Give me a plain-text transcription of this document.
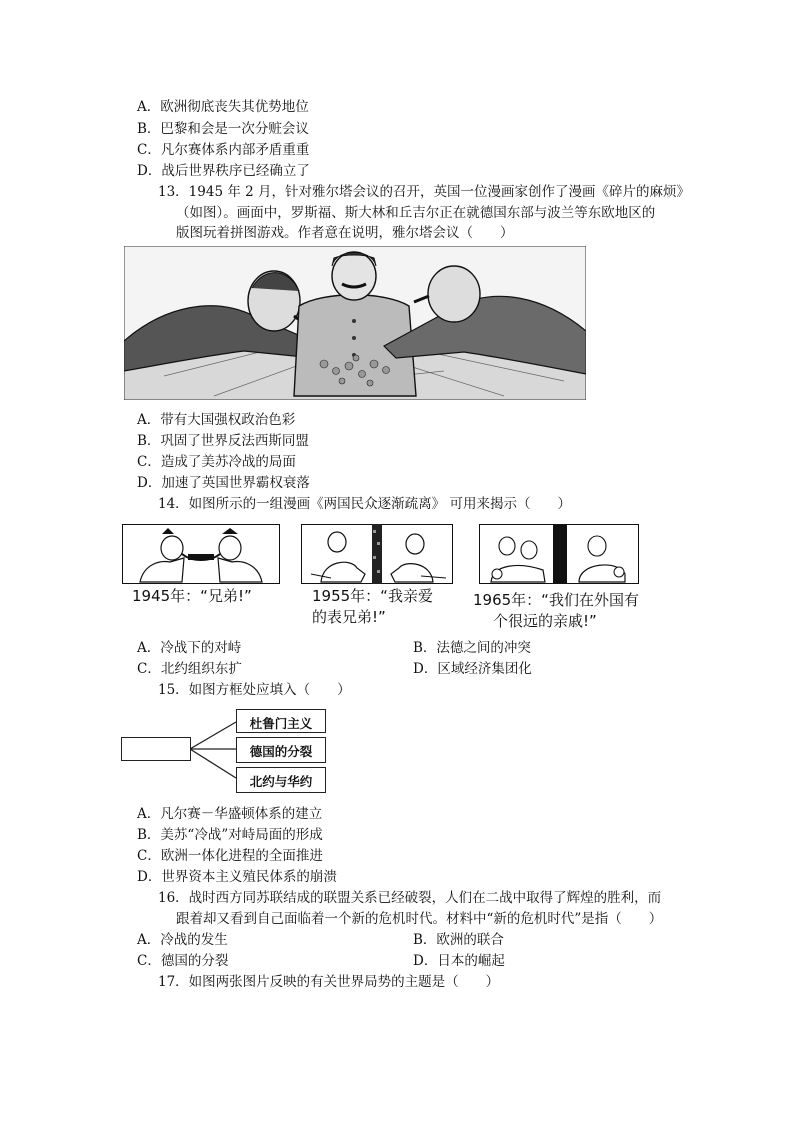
A．欧洲彻底丧失其优势地位
B．巴黎和会是一次分赃会议
C．凡尔赛体系内部矛盾重重
D．战后世界秩序已经确立了
13．1945 年 2 月，针对雅尔塔会议的召开，英国一位漫画家创作了漫画《碎片的麻烦》
（如图）。画面中，罗斯福、斯大林和丘吉尔正在就德国东部与波兰等东欧地区的
版图玩着拼图游戏。作者意在说明，雅尔塔会议（　　）
A．带有大国强权政治色彩
B．巩固了世界反法西斯同盟
C．造成了美苏冷战的局面
D．加速了英国世界霸权衰落
14．如图所示的一组漫画《两国民众逐渐疏离》 可用来揭示（　　）
1945年：“兄弟!”	1955年：“我亲爱
的表兄弟!”
1965年：“我们在外国有
个很远的亲戚!”
A．冷战下的对峙	B．法德之间的冲突
C．北约组织东扩	D．区域经济集团化
15．如图方框处应填入（　　）
杜鲁门主义
德国的分裂
北约与华约
A．凡尔赛－华盛顿体系的建立
B．美苏“冷战”对峙局面的形成
C．欧洲一体化进程的全面推进
D．世界资本主义殖民体系的崩溃
16．战时西方同苏联结成的联盟关系已经破裂，人们在二战中取得了辉煌的胜利，而
跟着却又看到自己面临着一个新的危机时代。材料中“新的危机时代”是指（　　）
A．冷战的发生	B．欧洲的联合
C．德国的分裂	D．日本的崛起
17．如图两张图片反映的有关世界局势的主题是（　　）
